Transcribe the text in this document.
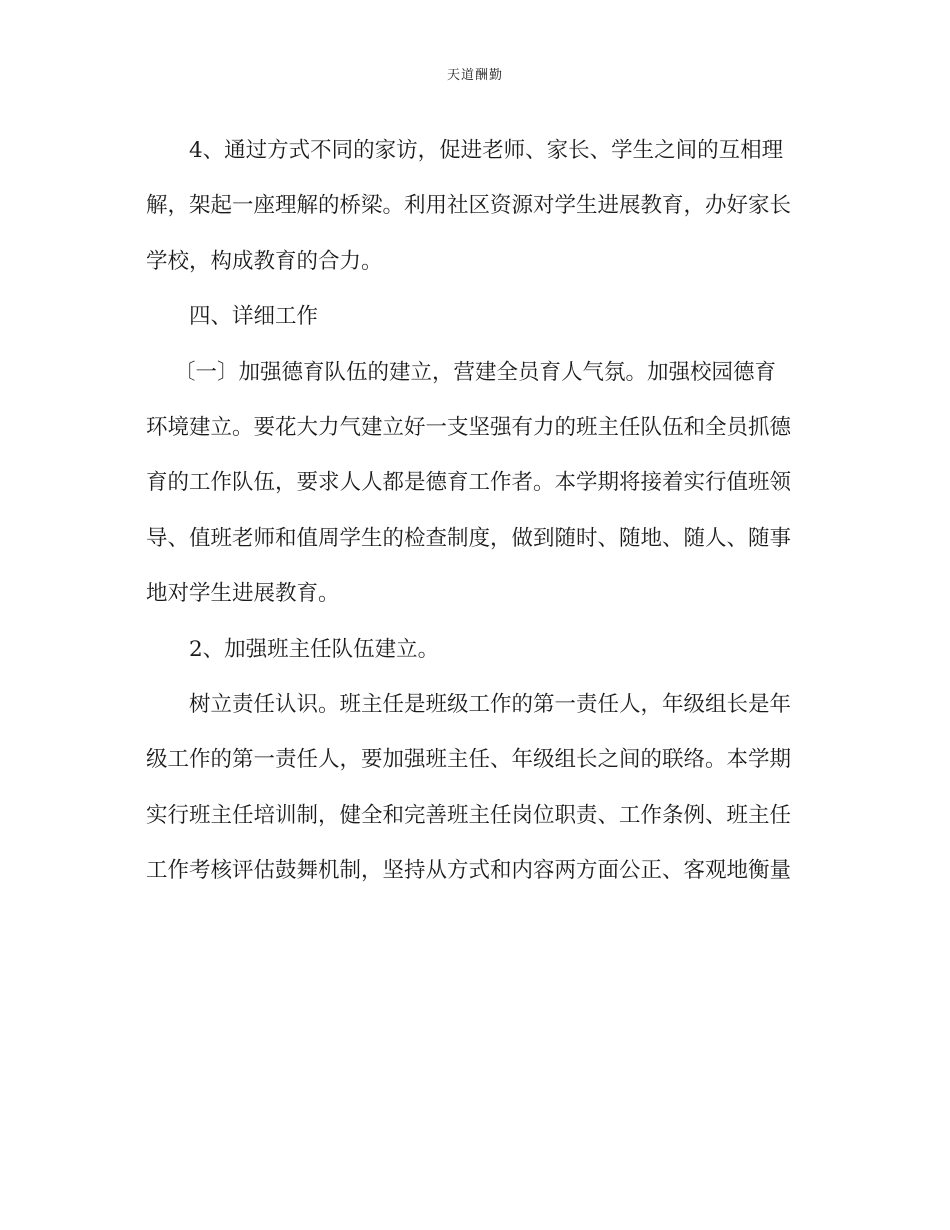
天道酬勤
4、通过方式不同的家访，促进老师、家长、学生之间的互相理
解，架起一座理解的桥梁。利用社区资源对学生进展教育，办好家长
学校，构成教育的合力。
四、详细工作
〔一〕加强德育队伍的建立，营建全员育人气氛。加强校园德育
环境建立。要花大力气建立好一支坚强有力的班主任队伍和全员抓德
育的工作队伍，要求人人都是德育工作者。本学期将接着实行值班领
导、值班老师和值周学生的检查制度，做到随时、随地、随人、随事
地对学生进展教育。
2、加强班主任队伍建立。
树立责任认识。班主任是班级工作的第一责任人，年级组长是年
级工作的第一责任人，要加强班主任、年级组长之间的联络。本学期
实行班主任培训制，健全和完善班主任岗位职责、工作条例、班主任
工作考核评估鼓舞机制，坚持从方式和内容两方面公正、客观地衡量
